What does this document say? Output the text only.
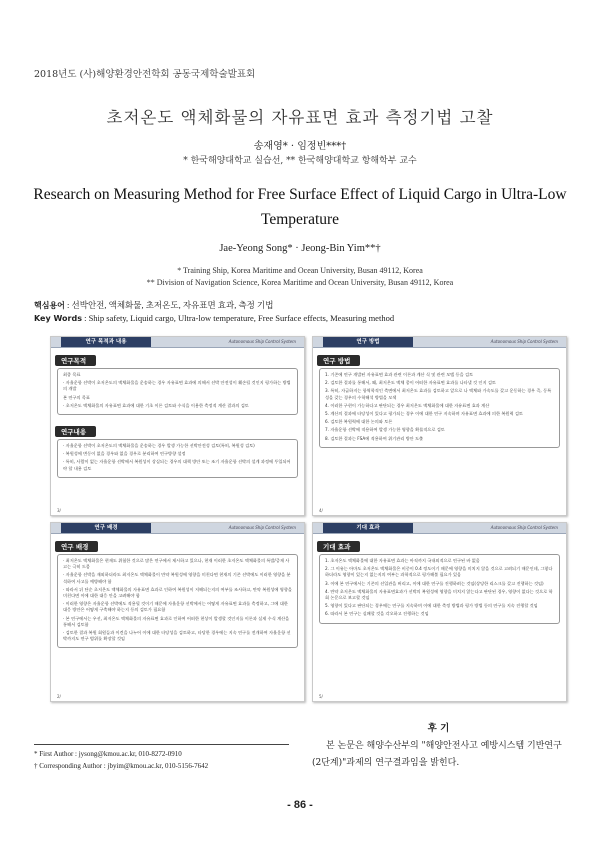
2018년도 (사)해양환경안전학회 공동국제학술발표회
초저온도 액체화물의 자유표면 효과 측정기법 고찰
송재영* · 임정빈***†
* 한국해양대학교 실습선, ** 한국해양대학교 항해학부 교수
Research on Measuring Method for Free Surface Effect of Liquid Cargo in Ultra-Low Temperature
Jae-Yeong Song* · Jeong-Bin Yim**†
* Training Ship, Korea Maritime and Ocean University, Busan 49112, Korea
** Division of Navigation Science, Korea Maritime and Ocean University, Busan 49112, Korea
핵심용어 : 선박안전, 액체화물, 초저온도, 자유표면 효과, 측정 기법
Key Words : Ship safety, Liquid cargo, Ultra-low temperature, Free Surface effects, Measuring method
연구 목적과 내용	Autonomous Ship Control System
연구목적

최종 목표

· 자율운항 선박이 초저온도의 액체화물을 운송하는 경우 자유표면 효과에 의해서 선박 안전성이 훼손될 것인지 평가하는 방법의 개발

본 연구의 목표

· 초저온도 액체화물의 자유표면 효과에 대한 기초 이론 검토와 수식을 이용한 측정적 계산 결과의 검토

연구내용

· 자율운항 선박이 초저온도의 액체화물을 운송하는 경우 발생 가능한 선박안전성 검토(특히, 복원성 검토)

· 복원성에 변동이 없을 경우와 없을 경우로 분리하여 연구방향 설정

· 특히, 사람이 없는 자율운항 선박에서 복원성이 상실되는 경우의 대책 방안 또는 조기 자율운항 선박의 설계 과정에 투입되어야 할 내용 검토

3/
연구 방법	Autonomous Ship Control System
연구 방법

1. 기존에 연구 개발된 자유표면 효과 관련 이론과 계산 식 및 관련 모델 등을 검토

2. 검토한 결과를 통해서, 왜, 최저온도 액체 종이 어떠한 자유표면 효과를 나타낼 것 인지 검토

3. 특히, 자급하지는 항역학적인 측면에서 최저온도 효과를 검토하고 앞으로 나 액체와 가속도를 갖고 운동하는 경우 즉, 동특성을 갖는 경우의 수학해석 방법을 모색

4. 이러한 구현이 가능하다고 판단되는 경우 최저온도 액체화물에 대한 자유표면 효과 계산

5. 계산의 결과에 타당성이 있다고 평가되는 경우 이에 대한 연구 지속하며 자유표면 효과에 의한 복원력 검토

6. 검토한 복원력에 대한 논의와 토론

7. 자율운항 선박에 적용하여 발생 가능한 영향을 확률적으로 검토

8. 검토한 결과는 FSA에 적용하여 위기관리 방안 도출

4/
연구 배경	Autonomous Ship Control System
연구 배경

· 최저온도 액체화물은 현재도 위험한 것으로 많은 연구에서 제시하고 있으나, 현재 이러한 초저온도 액체화물의 특발/증재 사고는 극히 드뭄

· 자율운항 선박을 재외하더라도 최저온도 액체화물이 만약 복원성에 영향을 미친다면 현재의 기존 선박에도 이러한 영향을 분석하여 사고를 예방해야 함

· 따라서 뒤 단순 초저온도 액체화물의 자유표면 효과로 인하여 복원성이 저해되는지의 여부를 조사하고, 만약 복원성에 영향을 미친다면 이에 대한 대응 안을 고려해야 함

· 이러한 영향은 자율운항 선박에도 적용될 것이기 때문에 자율운항 선박에서는 어떻게 자유표면 효과를 측정하고, 그에 대한 대응 방안은 어떻게 구축해야 하는지 등의 검토가 필요함

· 본 연구에서는 우선, 최저온도 액체화물의 자유표면 효과로 인하여 어떠한 현상이 발생할 것인지를 이론과 실제 수식 계산을 통해서 검토함

· 검토한 결과 복원 회원들과 이견을 나누어 이에 대한 타당성을 검토하고, 타당한 경우에는 지속 연구를 전개하여 자율운항 선박까지도 연구 범위를 확장할 것임

2/
기대 효과	Autonomous Ship Control System
기대 효과

1. 초저온도 액체화물에 대한 자유표면 효과는 아직까지 국내외적으로 연구된 바 없음

2. 그 이유는 아마도 초저온도 액체화물은 비중이 0.4 정도이기 때문에 영향을 미치지 않을 것으로 고려되기 때문인데, 그렇다 하더라도 영향이 있는지 없는지의 여부는 과학적으로 평가해볼 필요가 있음

3. 이에 본 연구에서는 기존의 선입관을 버리고, 이에 대한 연구를 진행하려는 것임(상당한 리스크를 갖고 진행하는 것임)

4. 만약 초저온도 액체화물의 자유표면효과가 선박의 복원성에 영향을 미치지 않는다고 판단된 경우, 영향이 없다는 것으로 학회 논문으로 보고할 것임

5. 영향이 있다고 판단되는 경우에는 연구를 지속하며 이에 대한 측정 방법과 평가 방법 등의 연구를 지속 진행할 것임

6. 따라서 본 연구는 실패할 것을 각오하고 진행하는 것임

5/
후 기
본 논문은 해양수산부의 "해양안전사고 예방시스템 기반연구(2단계)"과제의 연구결과임을 밝힌다.
* First Author : jysong@kmou.ac.kr, 010-8272-0910
† Corresponding Author : jbyim@kmou.ac.kr, 010-5156-7642
- 86 -
